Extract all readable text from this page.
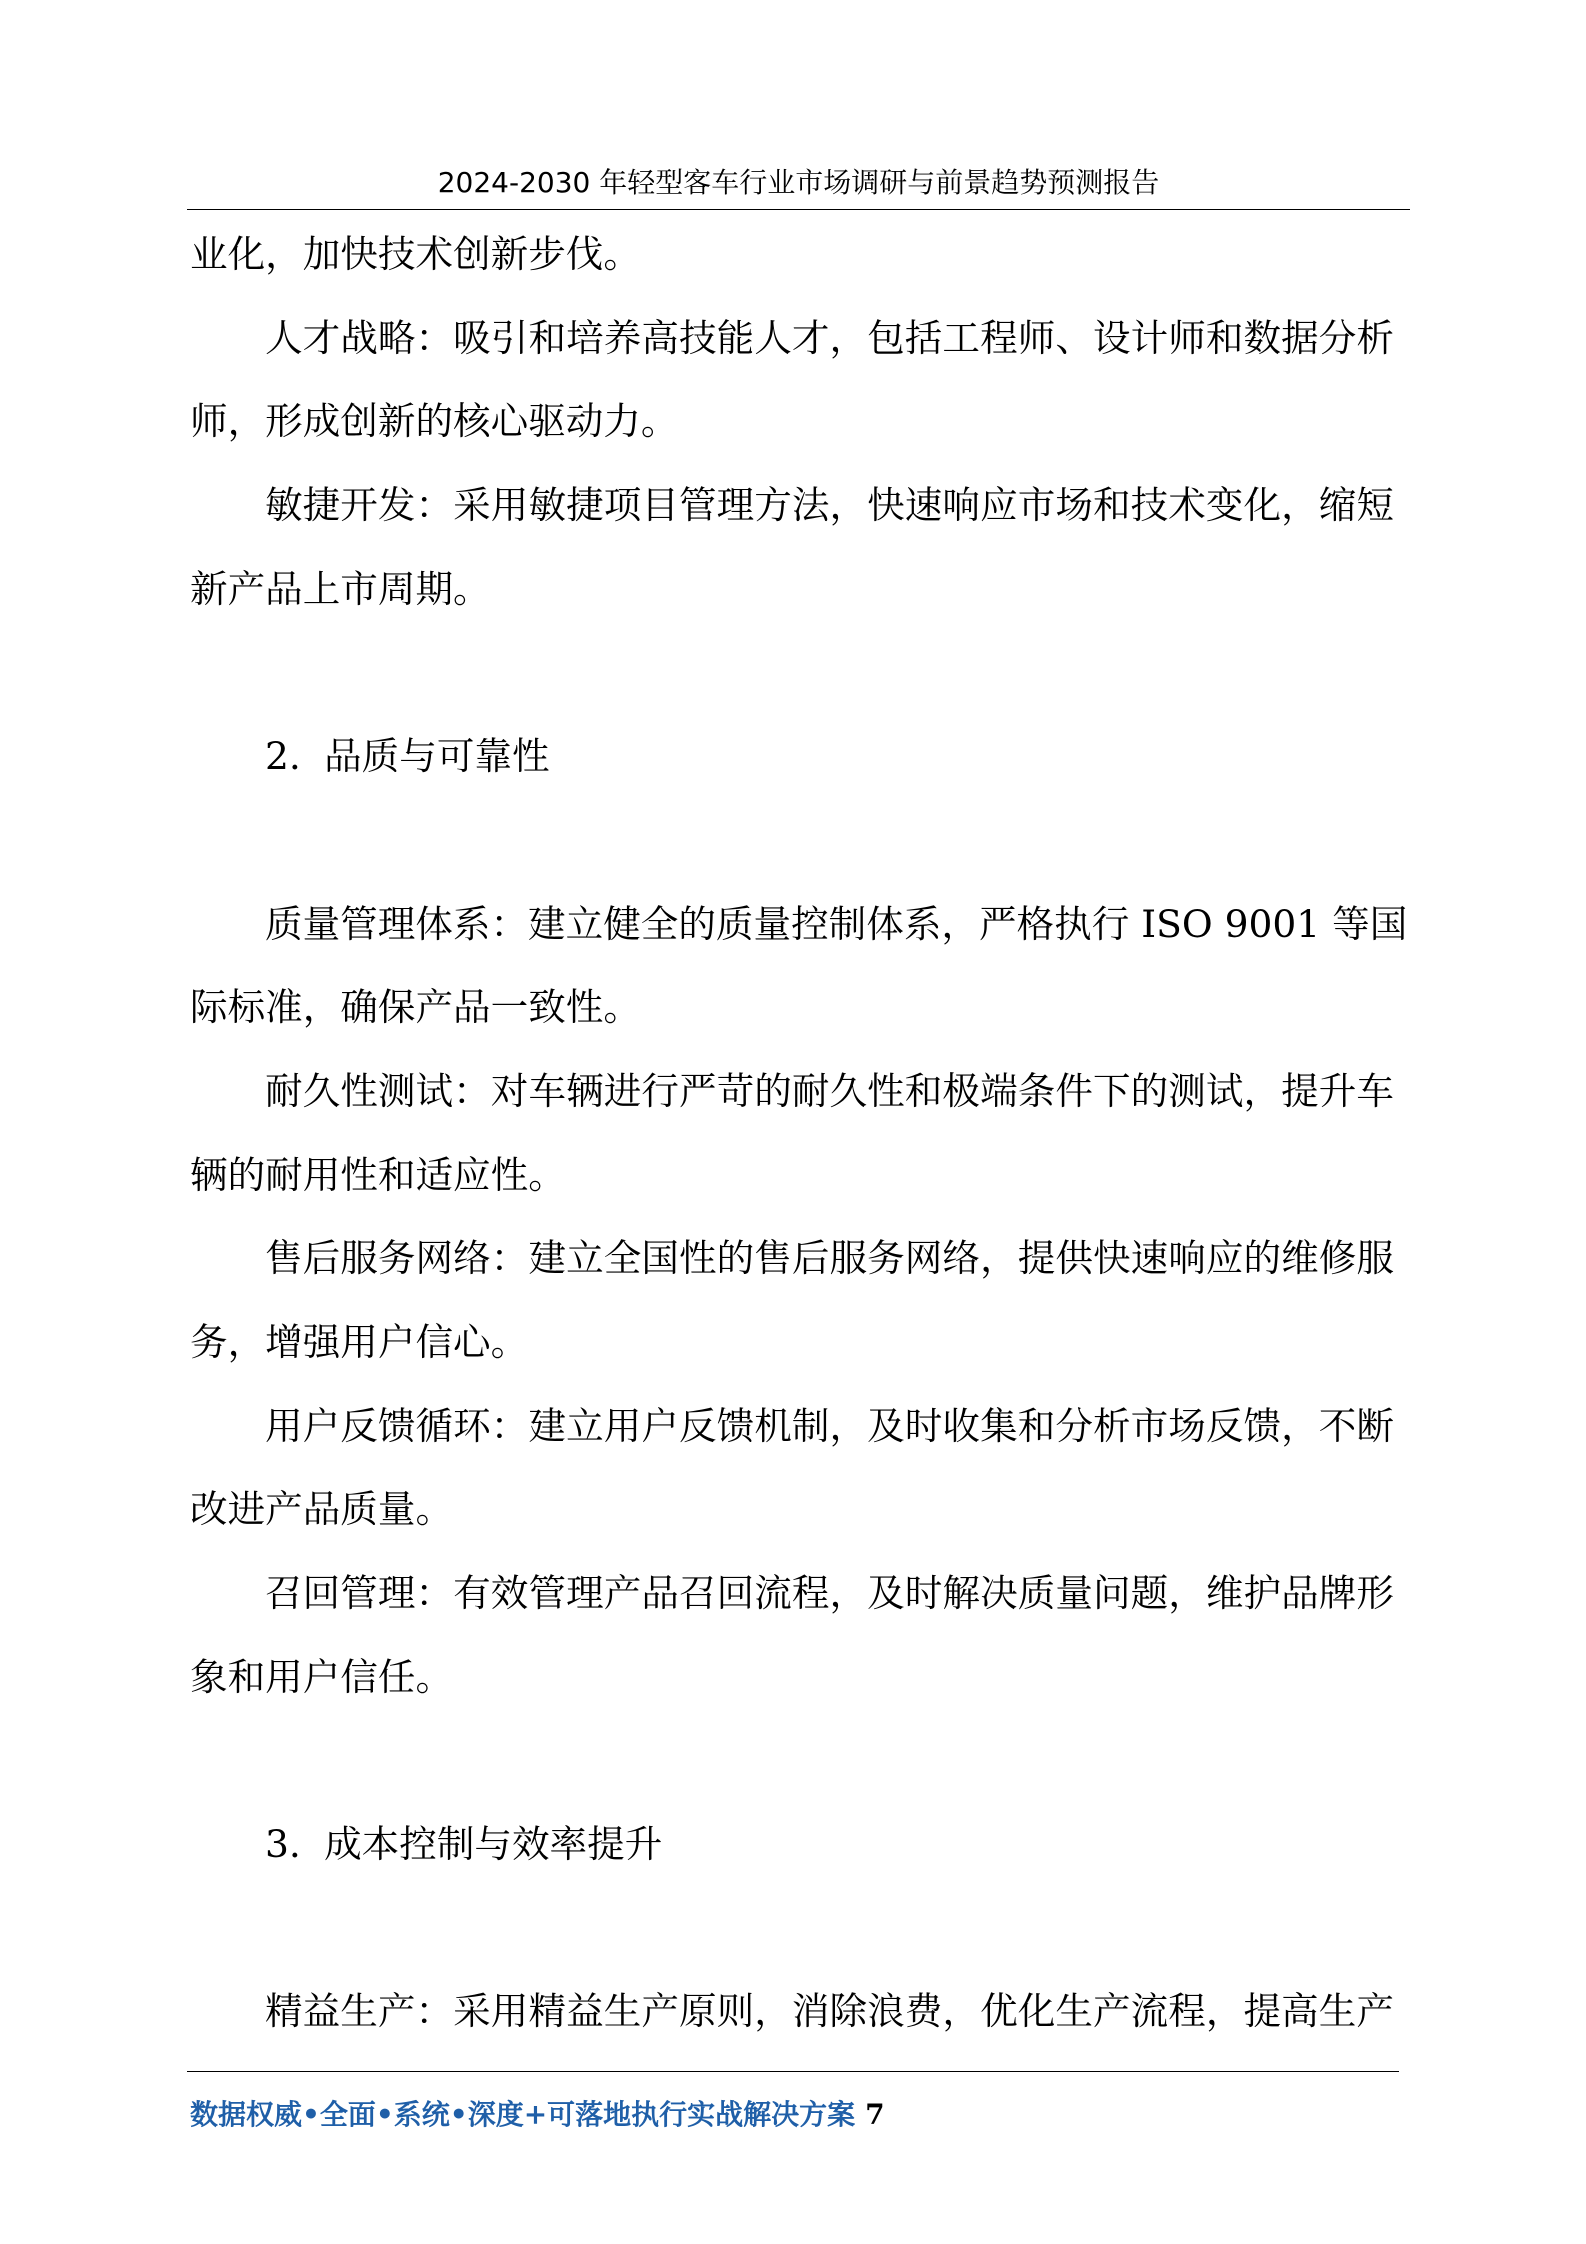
2024-2030 年轻型客车行业市场调研与前景趋势预测报告
业化，加快技术创新步伐。
人才战略：吸引和培养高技能人才，包括工程师、设计师和数据分析
师，形成创新的核心驱动力。
敏捷开发：采用敏捷项目管理方法，快速响应市场和技术变化，缩短
新产品上市周期。
2. 品质与可靠性
质量管理体系：建立健全的质量控制体系，严格执行 ISO 9001 等国
际标准，确保产品一致性。
耐久性测试：对车辆进行严苛的耐久性和极端条件下的测试，提升车
辆的耐用性和适应性。
售后服务网络：建立全国性的售后服务网络，提供快速响应的维修服
务，增强用户信心。
用户反馈循环：建立用户反馈机制，及时收集和分析市场反馈，不断
改进产品质量。
召回管理：有效管理产品召回流程，及时解决质量问题，维护品牌形
象和用户信任。
3. 成本控制与效率提升
精益生产：采用精益生产原则，消除浪费，优化生产流程，提高生产
数据权威•全面•系统•深度+可落地执行实战解决方案 7
